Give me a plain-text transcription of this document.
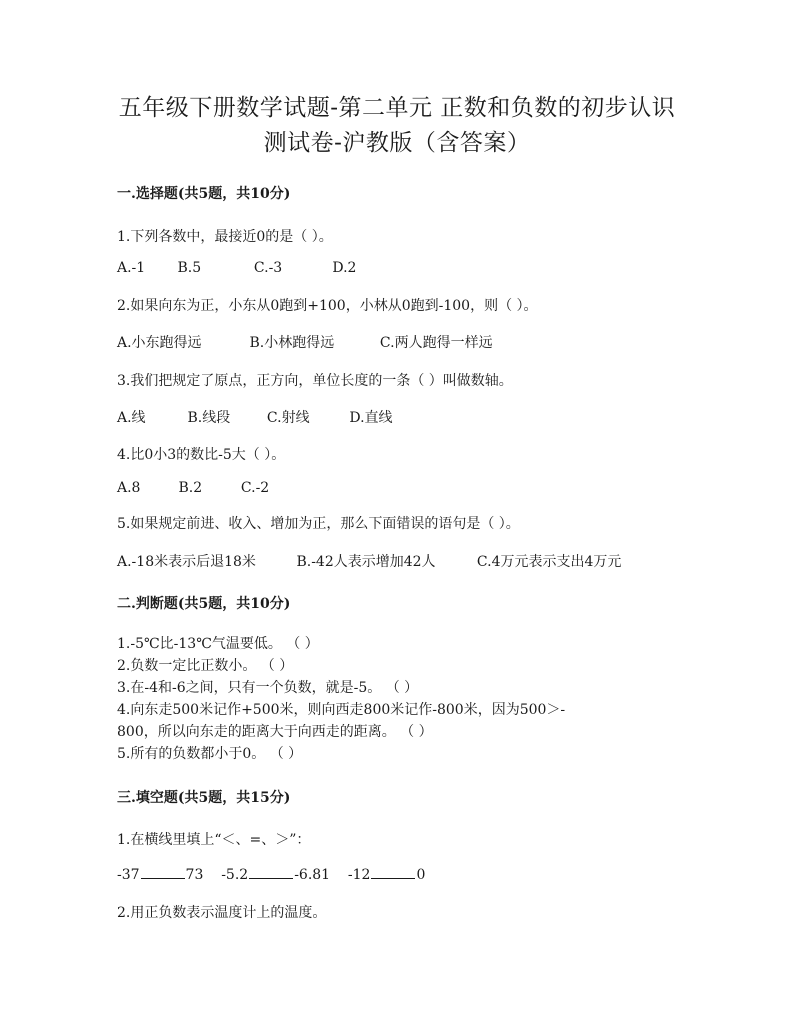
五年级下册数学试题-第二单元 正数和负数的初步认识
测试卷-沪教版（含答案）
一.选择题(共5题，共10分)
1.下列各数中，最接近0的是（ ）。
A.-1 B.5	C.-3	D.2
2.如果向东为正，小东从0跑到+100，小林从0跑到-100，则（ ）。
A.小东跑得远	B.小林跑得远	C.两人跑得一样远
3.我们把规定了原点，正方向，单位长度的一条（ ）叫做数轴。
A.线	B.线段	C.射线	D.直线
4.比0小3的数比-5大（ ）。
A.8	B.2	C.-2
5.如果规定前进、收入、增加为正，那么下面错误的语句是（ ）。
A.-18米表示后退18米	B.-42人表示增加42人	C.4万元表示支出4万元
二.判断题(共5题，共10分)
1.-5℃比-13℃气温要低。 （ ）
2.负数一定比正数小。 （ ）
3.在-4和-6之间，只有一个负数，就是-5。 （ ）
4.向东走500米记作+500米，则向西走800米记作-800米，因为500＞-
800，所以向东走的距离大于向西走的距离。 （ ）
5.所有的负数都小于0。 （ ）
三.填空题(共5题，共15分)
1.在横线里填上“＜、=、＞”：
-37	73 -5.2	-6.81 -12	0
2.用正负数表示温度计上的温度。
